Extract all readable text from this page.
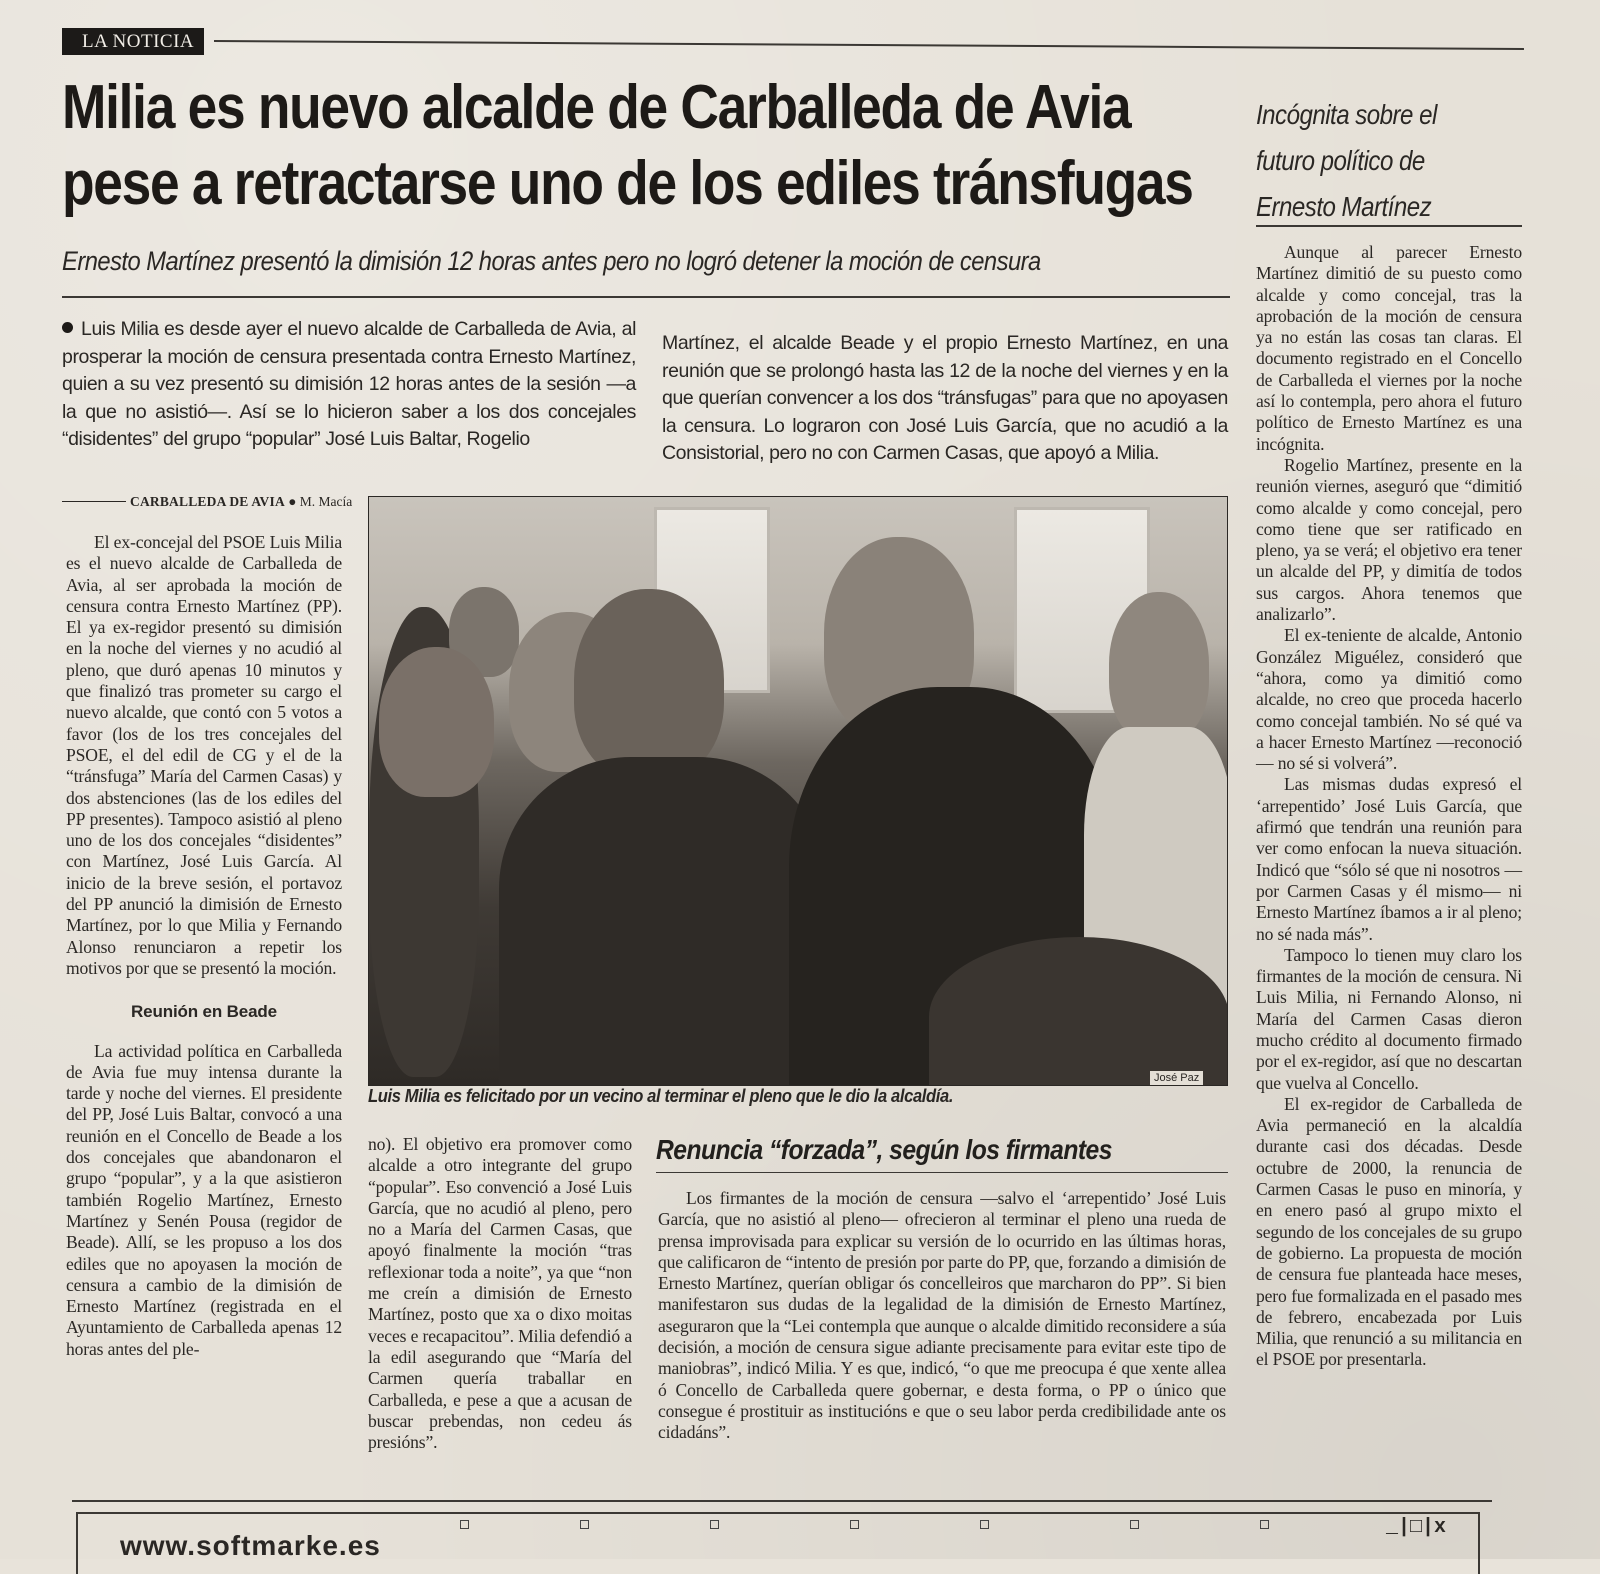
LA NOTICIA
Milia es nuevo alcalde de Carballeda de Avia
pese a retractarse uno de los ediles tránsfugas
Ernesto Martínez presentó la dimisión 12 horas antes pero no logró detener la moción de censura
Incógnita sobre el
futuro político de
Ernesto Martínez

Luis Milia es desde ayer el nuevo alcalde de Carballeda de Avia, al prosperar la moción de censura presentada contra Ernesto Martínez, quien a su vez presentó su dimisión 12 horas antes de la sesión —a la que no asistió—. Así se lo hicieron saber a los dos concejales “disidentes” del grupo “popular” José Luis Baltar, Rogelio

Martínez, el alcalde Beade y el propio Ernesto Martínez, en una reunión que se prolongó hasta las 12 de la noche del viernes y en la que querían convencer a los dos “tránsfugas” para que no apoyasen la censura. Lo lograron con José Luis García, que no acudió a la Consistorial, pero no con Carmen Casas, que apoyó a Milia.

CARBALLEDA DE AVIA ● M. Macía

El ex-concejal del PSOE Luis Milia es el nuevo alcalde de Carballeda de Avia, al ser aprobada la moción de censura contra Ernesto Martínez (PP). El ya ex-regidor presentó su dimisión en la noche del viernes y no acudió al pleno, que duró apenas 10 minutos y que finalizó tras prometer su cargo el nuevo alcalde, que contó con 5 votos a favor (los de los tres concejales del PSOE, el del edil de CG y el de la “tránsfuga” María del Carmen Casas) y dos abstenciones (las de los ediles del PP presentes). Tampoco asistió al pleno uno de los dos concejales “disidentes” con Martínez, José Luis García. Al inicio de la breve sesión, el portavoz del PP anunció la dimisión de Ernesto Martínez, por lo que Milia y Fernando Alonso renunciaron a repetir los motivos por que se presentó la moción.

Reunión en Beade

La actividad política en Carballeda de Avia fue muy intensa durante la tarde y noche del viernes. El presidente del PP, José Luis Baltar, convocó a una reunión en el Concello de Beade a los dos concejales que abandonaron el grupo “popular”, y a la que asistieron también Rogelio Martínez, Ernesto Martínez y Senén Pousa (regidor de Beade). Allí, se les propuso a los dos ediles que no apoyasen la moción de censura a cambio de la dimisión de Ernesto Martínez (registrada en el Ayuntamiento de Carballeda apenas 12 horas antes del ple-

José Paz
Luis Milia es felicitado por un vecino al terminar el pleno que le dio la alcaldía.

no). El objetivo era promover como alcalde a otro integrante del grupo “popular”. Eso convenció a José Luis García, que no acudió al pleno, pero no a María del Carmen Casas, que apoyó finalmente la moción “tras reflexionar toda a noite”, ya que “non me creín a dimisión de Ernesto Martínez, posto que xa o dixo moitas veces e recapacitou”. Milia defendió a la edil asegurando que “María del Carmen quería traballar en Carballeda, e pese a que a acusan de buscar prebendas, non cedeu ás presións”.

Renuncia “forzada”, según los firmantes

Los firmantes de la moción de censura —salvo el ‘arrepentido’ José Luis García, que no asistió al pleno— ofrecieron al terminar el pleno una rueda de prensa improvisada para explicar su versión de lo ocurrido en las últimas horas, que calificaron de “intento de presión por parte do PP, que, forzando a dimisión de Ernesto Martínez, querían obligar ós concelleiros que marcharon do PP”. Si bien manifestaron sus dudas de la legalidad de la dimisión de Ernesto Martínez, aseguraron que la “Lei contempla que aunque o alcalde dimitido reconsidere a súa decisión, a moción de censura sigue adiante precisamente para evitar este tipo de maniobras”, indicó Milia. Y es que, indicó, “o que me preocupa é que xente allea ó Concello de Carballeda quere gobernar, e desta forma, o PP o único que consegue é prostituir as institucións e que o seu labor perda credibilidade ante os cidadáns”.

Aunque al parecer Ernesto Martínez dimitió de su puesto como alcalde y como concejal, tras la aprobación de la moción de censura ya no están las cosas tan claras. El documento registrado en el Concello de Carballeda el viernes por la noche así lo contempla, pero ahora el futuro político de Ernesto Martínez es una incógnita.

Rogelio Martínez, presente en la reunión viernes, aseguró que “dimitió como alcalde y como concejal, pero como tiene que ser ratificado en pleno, ya se verá; el objetivo era tener un alcalde del PP, y dimitía de todos sus cargos. Ahora tenemos que analizarlo”.

El ex-teniente de alcalde, Antonio González Miguélez, consideró que “ahora, como ya dimitió como alcalde, no creo que proceda hacerlo como concejal también. No sé qué va a hacer Ernesto Martínez —reconoció— no sé si volverá”.

Las mismas dudas expresó el ‘arrepentido’ José Luis García, que afirmó que tendrán una reunión para ver como enfocan la nueva situación. Indicó que “sólo sé que ni nosotros —por Carmen Casas y él mismo— ni Ernesto Martínez íbamos a ir al pleno; no sé nada más”.

Tampoco lo tienen muy claro los firmantes de la moción de censura. Ni Luis Milia, ni Fernando Alonso, ni María del Carmen Casas dieron mucho crédito al documento firmado por el ex-regidor, así que no descartan que vuelva al Concello.

El ex-regidor de Carballeda de Avia permaneció en la alcaldía durante casi dos décadas. Desde octubre de 2000, la renuncia de Carmen Casas le puso en minoría, y en enero pasó al grupo mixto el segundo de los concejales de su grupo de gobierno. La propuesta de moción de censura fue planteada hace meses, pero fue formalizada en el pasado mes de febrero, encabezada por Luis Milia, que renunció a su militancia en el PSOE por presentarla.

www.softmarke.es
_|□|x
